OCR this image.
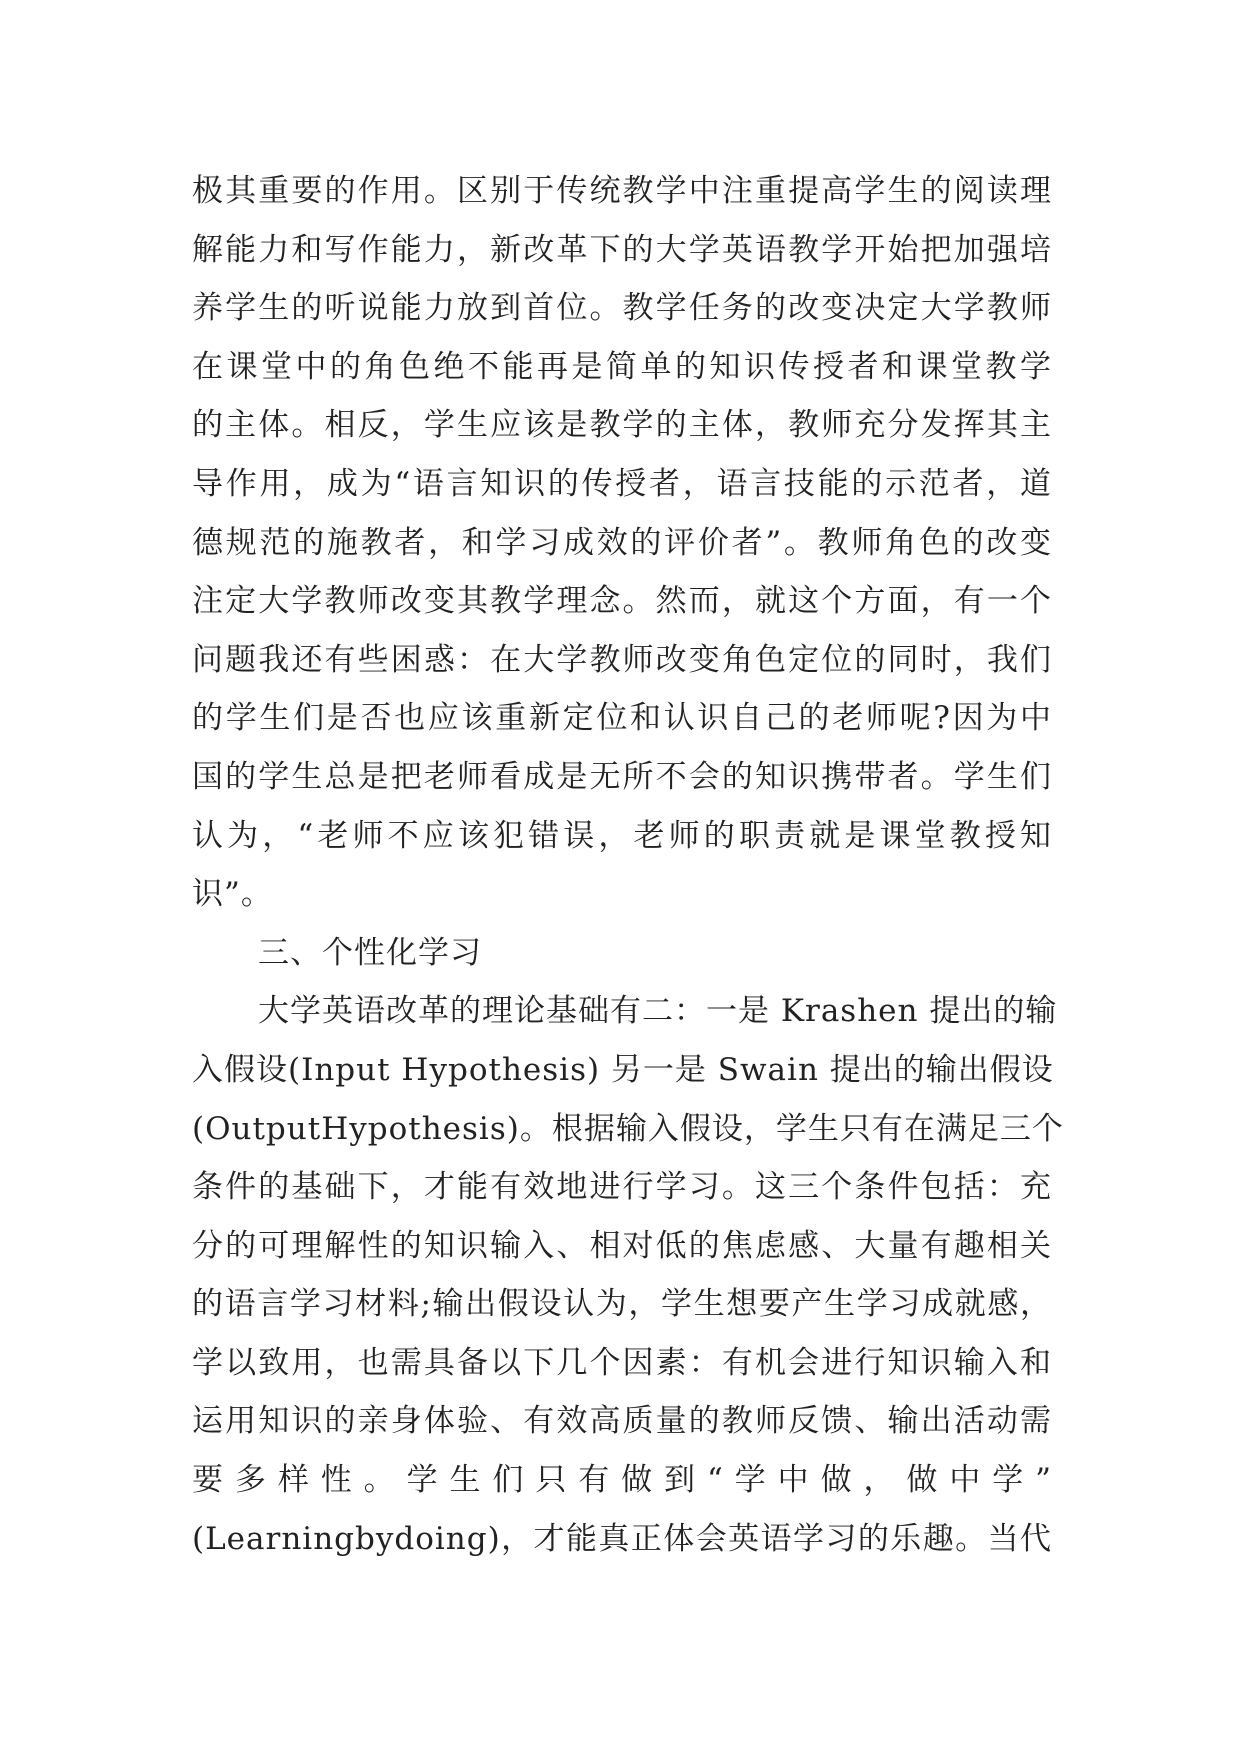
极其重要的作用。区别于传统教学中注重提高学生的阅读理
解能力和写作能力，新改革下的大学英语教学开始把加强培
养学生的听说能力放到首位。教学任务的改变决定大学教师
在课堂中的角色绝不能再是简单的知识传授者和课堂教学
的主体。相反，学生应该是教学的主体，教师充分发挥其主
导作用，成为“语言知识的传授者，语言技能的示范者，道
德规范的施教者，和学习成效的评价者”。教师角色的改变
注定大学教师改变其教学理念。然而，就这个方面，有一个
问题我还有些困惑：在大学教师改变角色定位的同时，我们
的学生们是否也应该重新定位和认识自己的老师呢?因为中
国的学生总是把老师看成是无所不会的知识携带者。学生们
认为，“老师不应该犯错误，老师的职责就是课堂教授知
识”。
三、个性化学习
大学英语改革的理论基础有二：一是 Krashen 提出的输
入假设(Input Hypothesis) 另一是 Swain 提出的输出假设
(OutputHypothesis)。根据输入假设，学生只有在满足三个
条件的基础下，才能有效地进行学习。这三个条件包括：充
分的可理解性的知识输入、相对低的焦虑感、大量有趣相关
的语言学习材料;输出假设认为，学生想要产生学习成就感，
学以致用，也需具备以下几个因素：有机会进行知识输入和
运用知识的亲身体验、有效高质量的教师反馈、输出活动需
要多样性。学生们只有做到“学中做，做中学”
(Learningbydoing)，才能真正体会英语学习的乐趣。当代
